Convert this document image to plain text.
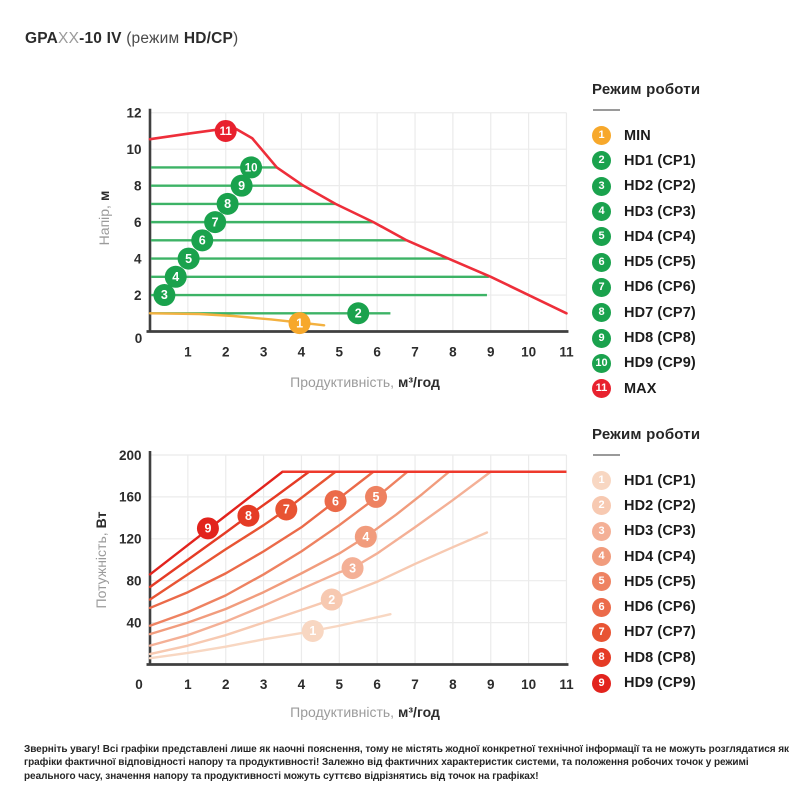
GPAXX-10 IV (режим HD/CP)
1
2
3
4
5
6
7
8
9
10
11
1 2 3 4 5 6 7 8 9 10 11
2
4
6
8
10
12
0
1
2
3
4
5
6
7
8
9
0	1 2 3 4 5 6 7 8 9 10 11
40
80
120
160
200
Напір,м
Продуктивність, м³/год
Потужність,Вт
Продуктивність, м³/год
Режим роботи
1	MIN
2	HD1 (CP1)
3	HD2 (CP2)
4	HD3 (CP3)
5	HD4 (CP4)
6	HD5 (CP5)
7	HD6 (CP6)
8	HD7 (CP7)
9	HD8 (CP8)
10 HD9 (CP9)
11 MAX
Режим роботи
1	HD1 (CP1)
2	HD2 (CP2)
3	HD3 (CP3)
4	HD4 (CP4)
5	HD5 (CP5)
6	HD6 (CP6)
7	HD7 (CP7)
8	HD8 (CP8)
9	HD9 (CP9)
Зверніть увагу! Всі графіки представлені лише як наочні пояснення, тому не містять жодної конкретної технічної інформації та не можуть розглядатися як графіки фактичної відповідності напору та продуктивності! Залежно від фактичних характеристик системи, та положення робочих точок у режимі реального часу, значення напору та продуктивності можуть суттєво відрізнятись від точок на графіках!
